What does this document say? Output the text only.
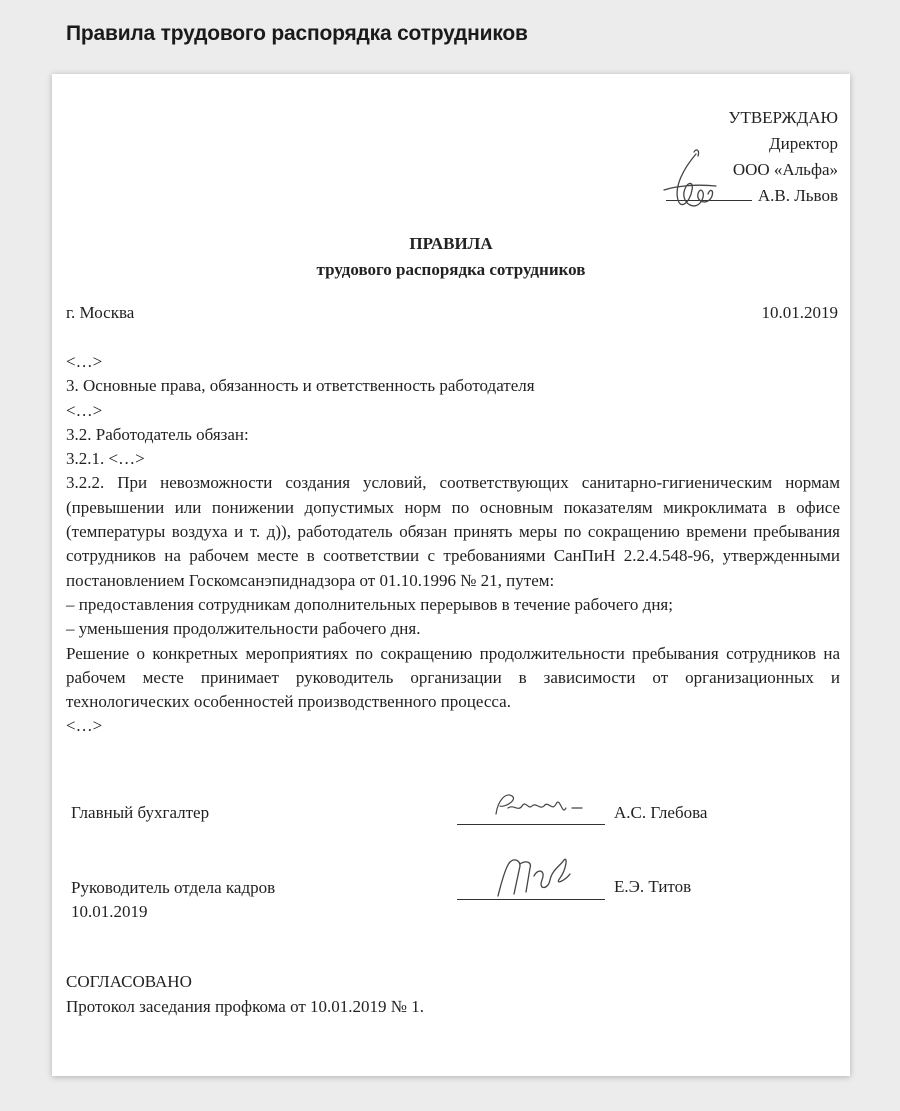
Правила трудового распорядка сотрудников
УТВЕРЖДАЮ
Директор
ООО «Альфа»
А.В. Львов
ПРАВИЛА
трудового распорядка сотрудников
г. Москва	10.01.2019

<…>

3. Основные права, обязанность и ответственность работодателя

<…>

3.2. Работодатель обязан:

3.2.1. <…>

3.2.2. При невозможности создания условий, соответствующих санитарно-гигиеническим нормам (превышении или понижении допустимых норм по основным показателям микроклимата в офисе (температуры воздуха и т. д)), работодатель обязан принять меры по сокращению времени пребывания сотрудников на рабочем месте в соответствии с требованиями СанПиН 2.2.4.548-96, утвержденными постановлением Госкомсанэпиднадзора от 01.10.1996 № 21, путем:

– предоставления сотрудникам дополнительных перерывов в течение рабочего дня;

– уменьшения продолжительности рабочего дня.

Решение о конкретных мероприятиях по сокращению продолжительности пребывания сотрудников на рабочем месте принимает руководитель организации в зависимости от организационных и технологических особенностей производственного процесса.

<…>

Главный бухгалтер	А.С. Глебова
Руководитель отдела кадров
10.01.2019
Е.Э. Титов
СОГЛАСОВАНО
Протокол заседания профкома от 10.01.2019 № 1.
